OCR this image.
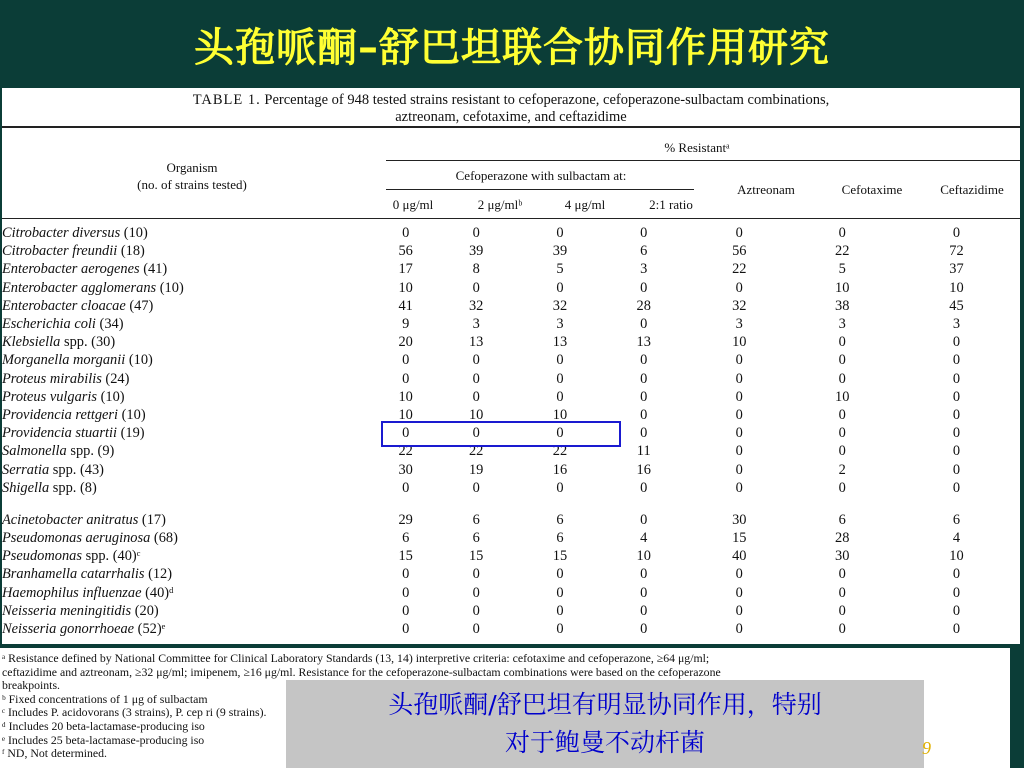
头孢哌酮–舒巴坦联合协同作用研究
TABLE 1. Percentage of 948 tested strains resistant to cefoperazone, cefoperazone-sulbactam combinations,
aztreonam, cefotaxime, and ceftazidime
% Resistantᵃ
Organism
(no. of strains tested)
Cefoperazone with sulbactam at:
0 μg/ml	2 μg/mlᵇ	4 μg/ml	2:1 ratio
Aztreonam	Cefotaxime	Ceftazidime
Citrobacter diversus (10)	0	0	0	0	0	0	0
Citrobacter freundii (18)	56	39	39	6	56	22	72
Enterobacter aerogenes (41)	17	8	5	3	22	5	37
Enterobacter agglomerans (10)	10	0	0	0	0	10	10
Enterobacter cloacae (47)	41	32	32	28	32	38	45
Escherichia coli (34)	9	3	3	0	3	3	3
Klebsiella spp. (30)	20	13	13	13	10	0	0
Morganella morganii (10)	0	0	0	0	0	0	0
Proteus mirabilis (24)	0	0	0	0	0	0	0
Proteus vulgaris (10)	10	0	0	0	0	10	0
Providencia rettgeri (10)	10	10	10	0	0	0	0
Providencia stuartii (19)	0	0	0	0	0	0	0
Salmonella spp. (9)	22	22	22	11	0	0	0
Serratia spp. (43)	30	19	16	16	0	2	0
Shigella spp. (8)	0	0	0	0	0	0	0

Acinetobacter anitratus (17)	29	6	6	0	30	6	6
Pseudomonas aeruginosa (68)	6	6	6	4	15	28	4
Pseudomonas spp. (40)ᶜ	15	15	15	10	40	30	10
Branhamella catarrhalis (12)	0	0	0	0	0	0	0
Haemophilus influenzae (40)ᵈ	0	0	0	0	0	0	0
Neisseria meningitidis (20)	0	0	0	0	0	0	0
Neisseria gonorrhoeae (52)ᵉ	0	0	0	0	0	0	0
ᵃ Resistance defined by National Committee for Clinical Laboratory Standards (13, 14) interpretive criteria: cefotaxime and cefoperazone, ≥64 μg/ml;
ceftazidime and aztreonam, ≥32 μg/ml; imipenem, ≥16 μg/ml. Resistance for the cefoperazone-sulbactam combinations were based on the cefoperazone
breakpoints.
ᵇ Fixed concentrations of 1 μg of sulbactam
ᶜ Includes P. acidovorans (3 strains), P. cep ri (9 strains).
ᵈ Includes 20 beta-lactamase-producing iso
ᵉ Includes 25 beta-lactamase-producing iso
ᶠ ND, Not determined.
头孢哌酮/舒巴坦有明显协同作用，特别
对于鲍曼不动杆菌	9
